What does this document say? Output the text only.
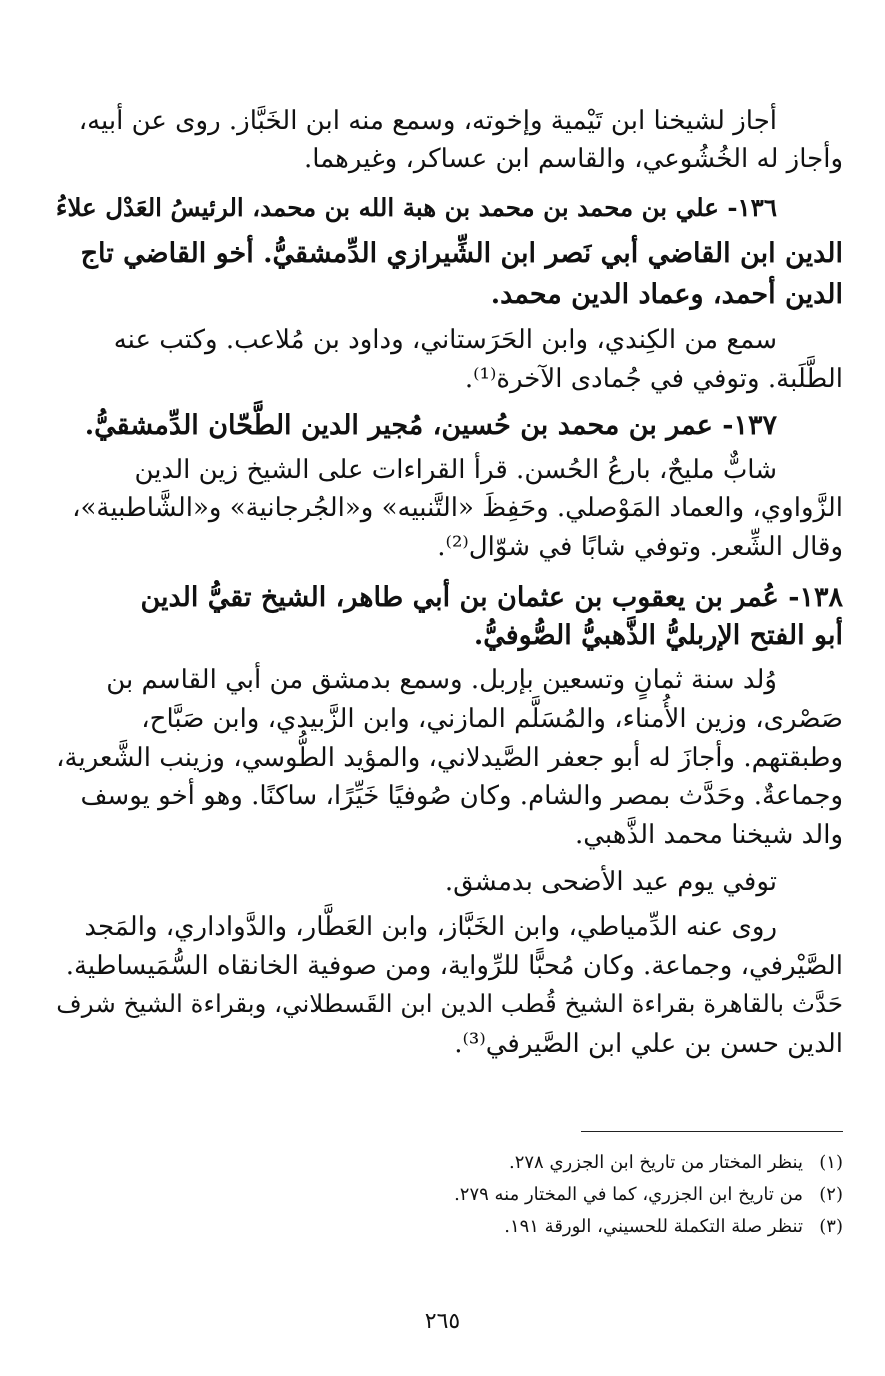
أجاز لشيخنا ابن تَيْمية وإخوته، وسمع منه ابن الخَبَّاز. روى عن أبيه،
وأجاز له الخُشُوعي، والقاسم ابن عساكر، وغيرهما.
١٣٦- علي بن محمد بن محمد بن هبة الله بن محمد، الرئيسُ العَدْل علاءُ
الدين ابن القاضي أبي نَصر ابن الشِّيرازي الدِّمشقيُّ. أخو القاضي تاج
الدين أحمد، وعماد الدين محمد.
سمع من الكِندي، وابن الحَرَستاني، وداود بن مُلاعب. وكتب عنه
الطَّلَبة. وتوفي في جُمادى الآخرة⁽¹⁾.
١٣٧- عمر بن محمد بن حُسين، مُجير الدين الطَّحّان الدِّمشقيُّ.
شابٌّ مليحٌ، بارعُ الحُسن. قرأ القراءات على الشيخ زين الدين
الزَّواوي، والعماد المَوْصلي. وحَفِظَ «التَّنبيه» و«الجُرجانية» و«الشَّاطبية»،
وقال الشِّعر. وتوفي شابًا في شوّال⁽²⁾.
١٣٨- عُمر بن يعقوب بن عثمان بن أبي طاهر، الشيخ تقيُّ الدين
أبو الفتح الإربليُّ الذَّهبيُّ الصُّوفيُّ.
وُلد سنة ثمانٍ وتسعين بإربل. وسمع بدمشق من أبي القاسم بن
صَصْرى، وزين الأُمناء، والمُسَلَّم المازني، وابن الزَّبيدي، وابن صَبَّاح،
وطبقتهم. وأجازَ له أبو جعفر الصَّيدلاني، والمؤيد الطُّوسي، وزينب الشَّعرية،
وجماعةٌ. وحَدَّث بمصر والشام. وكان صُوفيًا خَيِّرًا، ساكنًا. وهو أخو يوسف
والد شيخنا محمد الذَّهبي.
توفي يوم عيد الأضحى بدمشق.
روى عنه الدِّمياطي، وابن الخَبَّاز، وابن العَطَّار، والدَّواداري، والمَجد
الصَّيْرفي، وجماعة. وكان مُحبًّا للرِّواية، ومن صوفية الخانقاه السُّمَيساطية.
حَدَّث بالقاهرة بقراءة الشيخ قُطب الدين ابن القَسطلاني، وبقراءة الشيخ شرف
الدين حسن بن علي ابن الصَّيرفي⁽³⁾.
(١)ينظر المختار من تاريخ ابن الجزري ٢٧٨.
(٢)من تاريخ ابن الجزري، كما في المختار منه ٢٧٩.
(٣)تنظر صلة التكملة للحسيني، الورقة ١٩١.
٢٦٥
